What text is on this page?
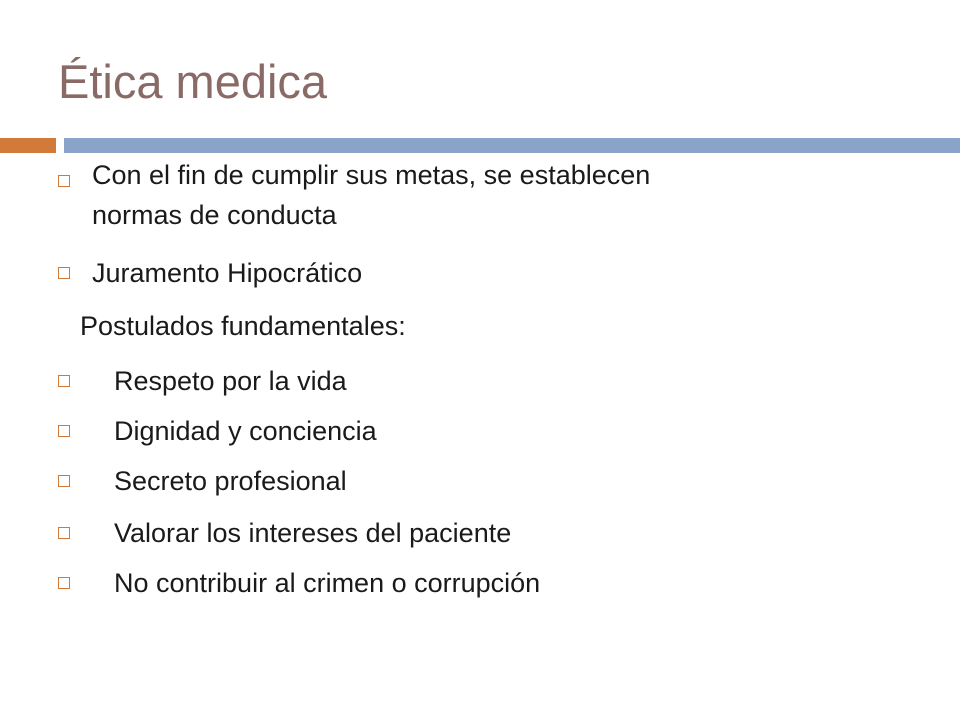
Ética medica
Con el fin de cumplir sus metas, se establecen
normas de conducta
Juramento Hipocrático
Postulados fundamentales:
Respeto por la vida
Dignidad y conciencia
Secreto profesional
Valorar los intereses del paciente
No contribuir al crimen o corrupción
